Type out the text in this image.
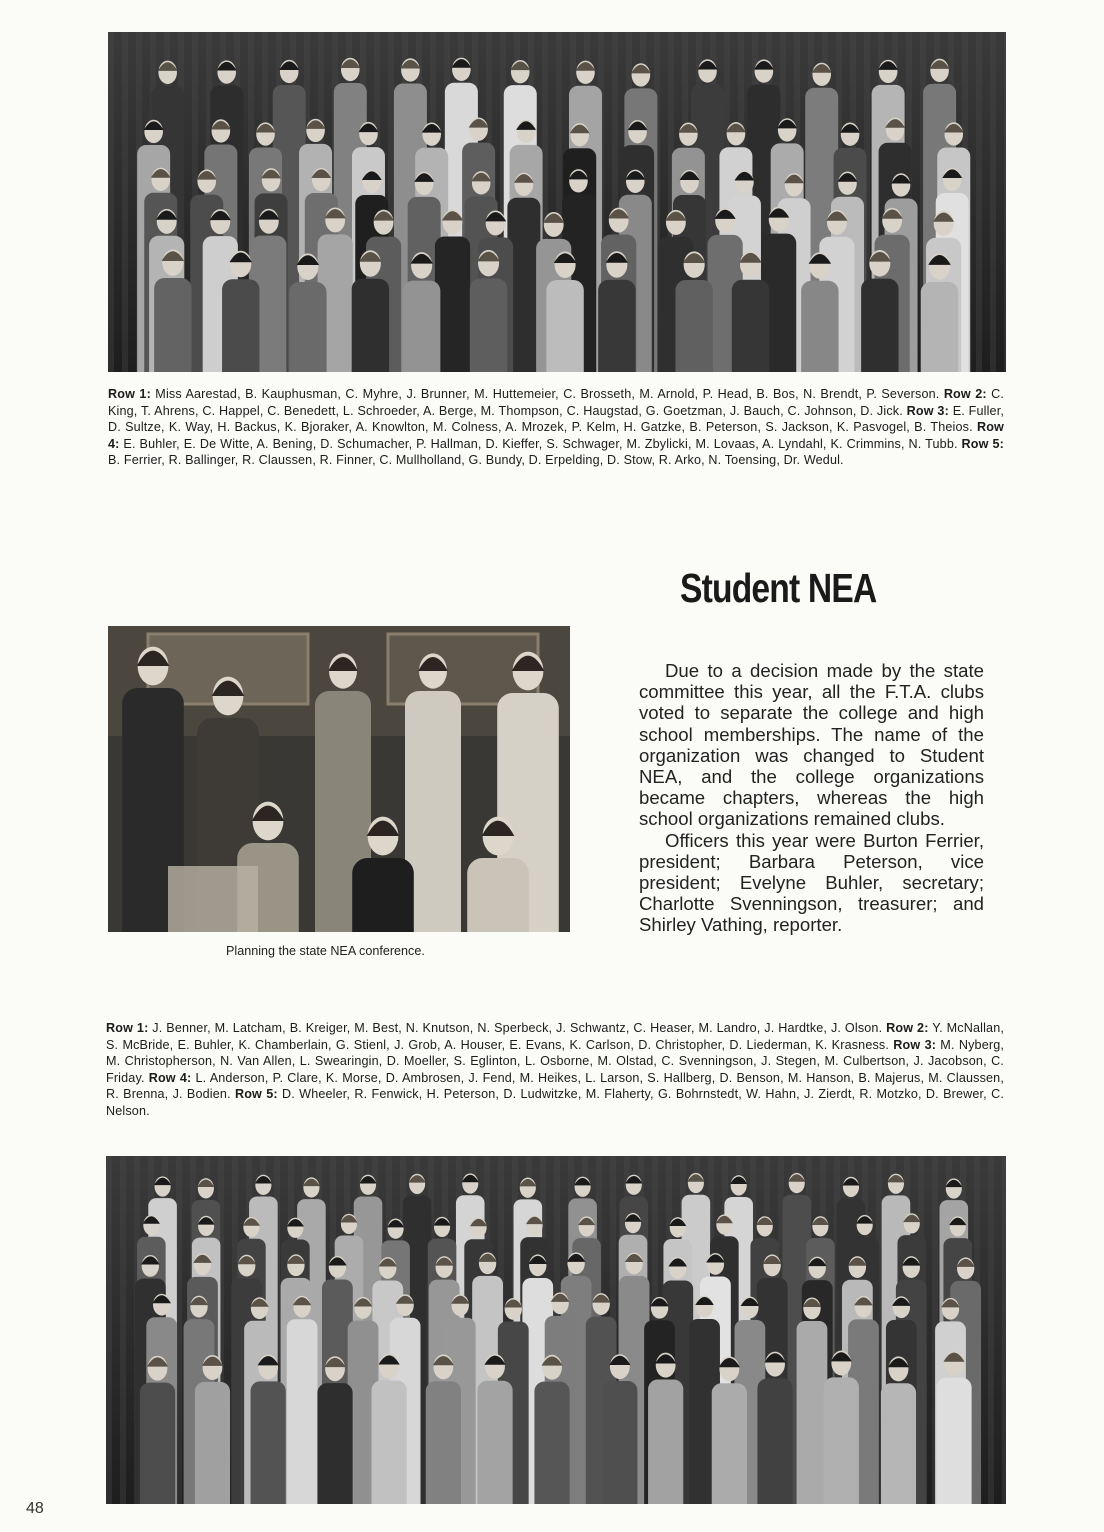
Row 1: Miss Aarestad, B. Kauphusman, C. Myhre, J. Brunner, M. Huttemeier, C. Brosseth, M. Arnold, P. Head, B. Bos, N. Brendt, P. Severson. Row 2: C. King, T. Ahrens, C. Happel, C. Benedett, L. Schroeder, A. Berge, M. Thompson, C. Haugstad, G. Goetzman, J. Bauch, C. Johnson, D. Jick. Row 3: E. Fuller, D. Sultze, K. Way, H. Backus, K. Bjoraker, A. Knowlton, M. Colness, A. Mrozek, P. Kelm, H. Gatzke, B. Peterson, S. Jackson, K. Pasvogel, B. Theios. Row 4: E. Buhler, E. De Witte, A. Bening, D. Schumacher, P. Hallman, D. Kieffer, S. Schwager, M. Zbylicki, M. Lovaas, A. Lyndahl, K. Crimmins, N. Tubb. Row 5: B. Ferrier, R. Ballinger, R. Claussen, R. Finner, C. Mullholland, G. Bundy, D. Erpelding, D. Stow, R. Arko, N. Toensing, Dr. Wedul.

Student NEA
Planning the state NEA conference.

Due to a decision made by the state committee this year, all the F.T.A. clubs voted to separate the college and high school memberships. The name of the organization was changed to Student NEA, and the college organizations became chapters, whereas the high school organizations remained clubs.

Officers this year were Burton Ferrier, president; Barbara Peterson, vice president; Evelyne Buhler, secretary; Charlotte Svenningson, treasurer; and Shirley Vathing, reporter.

Row 1: J. Benner, M. Latcham, B. Kreiger, M. Best, N. Knutson, N. Sperbeck, J. Schwantz, C. Heaser, M. Landro, J. Hardtke, J. Olson. Row 2: Y. McNallan, S. McBride, E. Buhler, K. Chamberlain, G. Stienl, J. Grob, A. Houser, E. Evans, K. Carlson, D. Christopher, D. Liederman, K. Krasness. Row 3: M. Nyberg, M. Christopherson, N. Van Allen, L. Swearingin, D. Moeller, S. Eglinton, L. Osborne, M. Olstad, C. Svenningson, J. Stegen, M. Culbertson, J. Jacobson, C. Friday. Row 4: L. Anderson, P. Clare, K. Morse, D. Ambrosen, J. Fend, M. Heikes, L. Larson, S. Hallberg, D. Benson, M. Hanson, B. Majerus, M. Claussen, R. Brenna, J. Bodien. Row 5: D. Wheeler, R. Fenwick, H. Peterson, D. Ludwitzke, M. Flaherty, G. Bohrnstedt, W. Hahn, J. Zierdt, R. Motzko, D. Brewer, C. Nelson.

48
